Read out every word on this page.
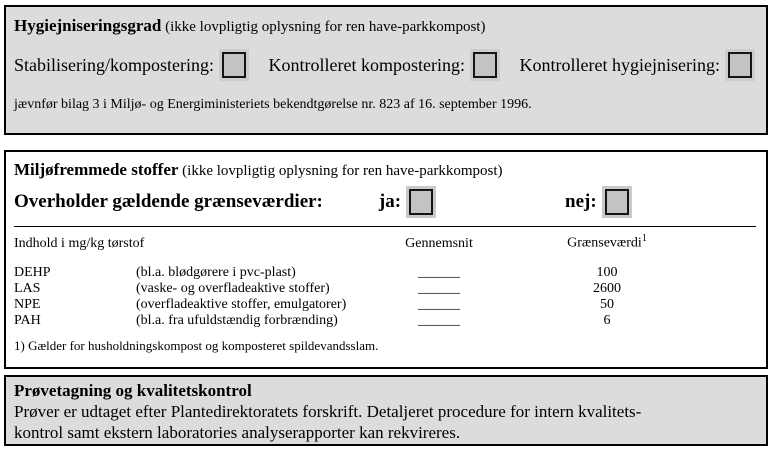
Hygiejniseringsgrad (ikke lovpligtig oplysning for ren have-parkkompost)
Stabilisering/kompostering:	Kontrolleret kompostering:	Kontrolleret hygiejnisering:
jævnfør bilag 3 i Miljø- og Energiministeriets bekendtgørelse nr. 823 af 16. september 1996.
Miljøfremmede stoffer (ikke lovpligtig oplysning for ren have-parkkompost)
Overholder gældende grænseværdier:	ja:	nej:
Indhold i mg/kg tørstof		Gennemsnit	Grænseværdi$^1$	

DEHP	(bl.a. blødgørere i pvc-plast)	______	100	
LAS	(vaske- og overfladeaktive stoffer)	______	2600	
NPE	(overfladeaktive stoffer, emulgatorer)	______	50	
PAH	(bl.a. fra ufuldstændig forbrænding)	______	6	
1) Gælder for husholdningskompost og komposteret spildevandsslam.
Prøvetagning og kvalitetskontrol
Prøver er udtaget efter Plantedirektoratets forskrift. Detaljeret procedure for intern kvalitets-
kontrol samt ekstern laboratories analyserapporter kan rekvireres.
